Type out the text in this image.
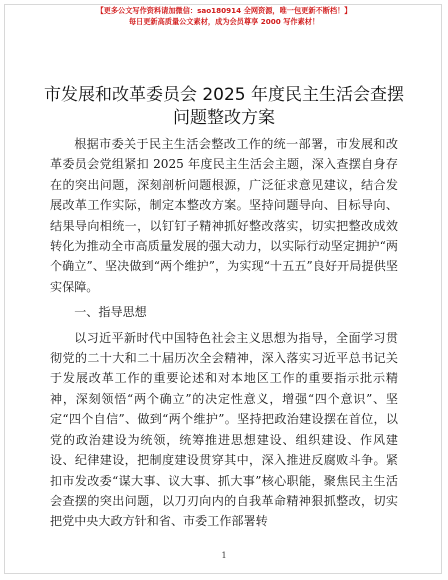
【更多公文写作资料请加微信：sao180914 全网资源，唯一包更新不断档！】
每日更新高质量公文素材，成为会员尊享 2000 写作素材！
市发展和改革委员会 2025 年度民主生活会查摆
问题整改方案

根据市委关于民主生活会整改工作的统一部署，市发展和改革委员会党组紧扣 2025 年度民主生活会主题，深入查摆自身存在的突出问题，深刻剖析问题根源，广泛征求意见建议，结合发展改革工作实际，制定本整改方案。坚持问题导向、目标导向、结果导向相统一，以钉钉子精神抓好整改落实，切实把整改成效转化为推动全市高质量发展的强大动力，以实际行动坚定拥护“两个确立”、坚决做到“两个维护”，为实现“十五五”良好开局提供坚实保障。

一、指导思想

以习近平新时代中国特色社会主义思想为指导，全面学习贯彻党的二十大和二十届历次全会精神，深入落实习近平总书记关于发展改革工作的重要论述和对本地区工作的重要指示批示精神，深刻领悟“两个确立”的决定性意义，增强“四个意识”、坚定“四个自信”、做到“两个维护”。坚持把政治建设摆在首位，以党的政治建设为统领，统筹推进思想建设、组织建设、作风建设、纪律建设，把制度建设贯穿其中，深入推进反腐败斗争。紧扣市发改委“谋大事、议大事、抓大事”核心职能，聚焦民主生活会查摆的突出问题，以刀刃向内的自我革命精神狠抓整改，切实把党中央大政方针和省、市委工作部署转

1
